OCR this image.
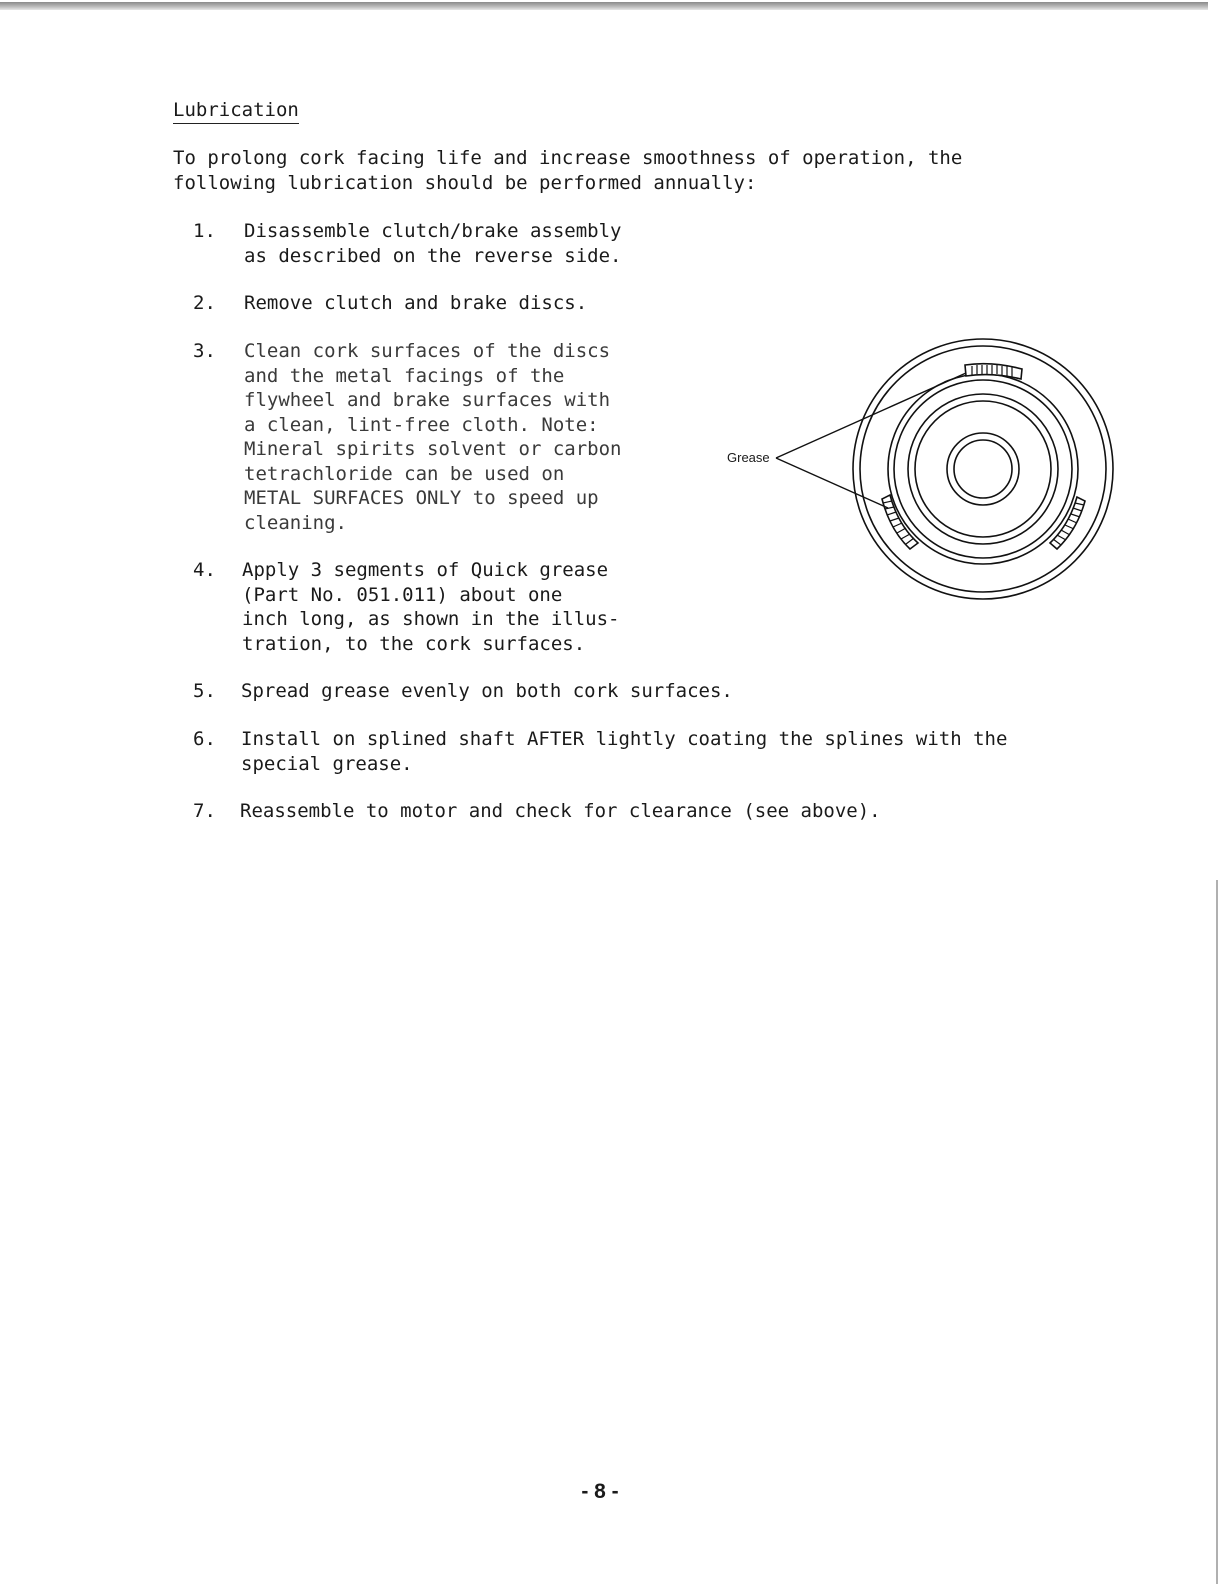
Lubrication
To prolong cork facing life and increase smoothness of operation, the
following lubrication should be performed annually:
1. Disassemble clutch/brake assembly
as described on the reverse side.
2. Remove clutch and brake discs.
3. Clean cork surfaces of the discs
and the metal facings of the
flywheel and brake surfaces with
a clean, lint-free cloth. Note:
Mineral spirits solvent or carbon
tetrachloride can be used on
METAL SURFACES ONLY to speed up
cleaning.
4. Apply 3 segments of Quick grease
(Part No. 051.011) about one
inch long, as shown in the illus-
tration, to the cork surfaces.
5. Spread grease evenly on both cork surfaces.
6. Install on splined shaft AFTER lightly coating the splines with the
special grease.
7. Reassemble to motor and check for clearance (see above).
Grease
- 8 -
